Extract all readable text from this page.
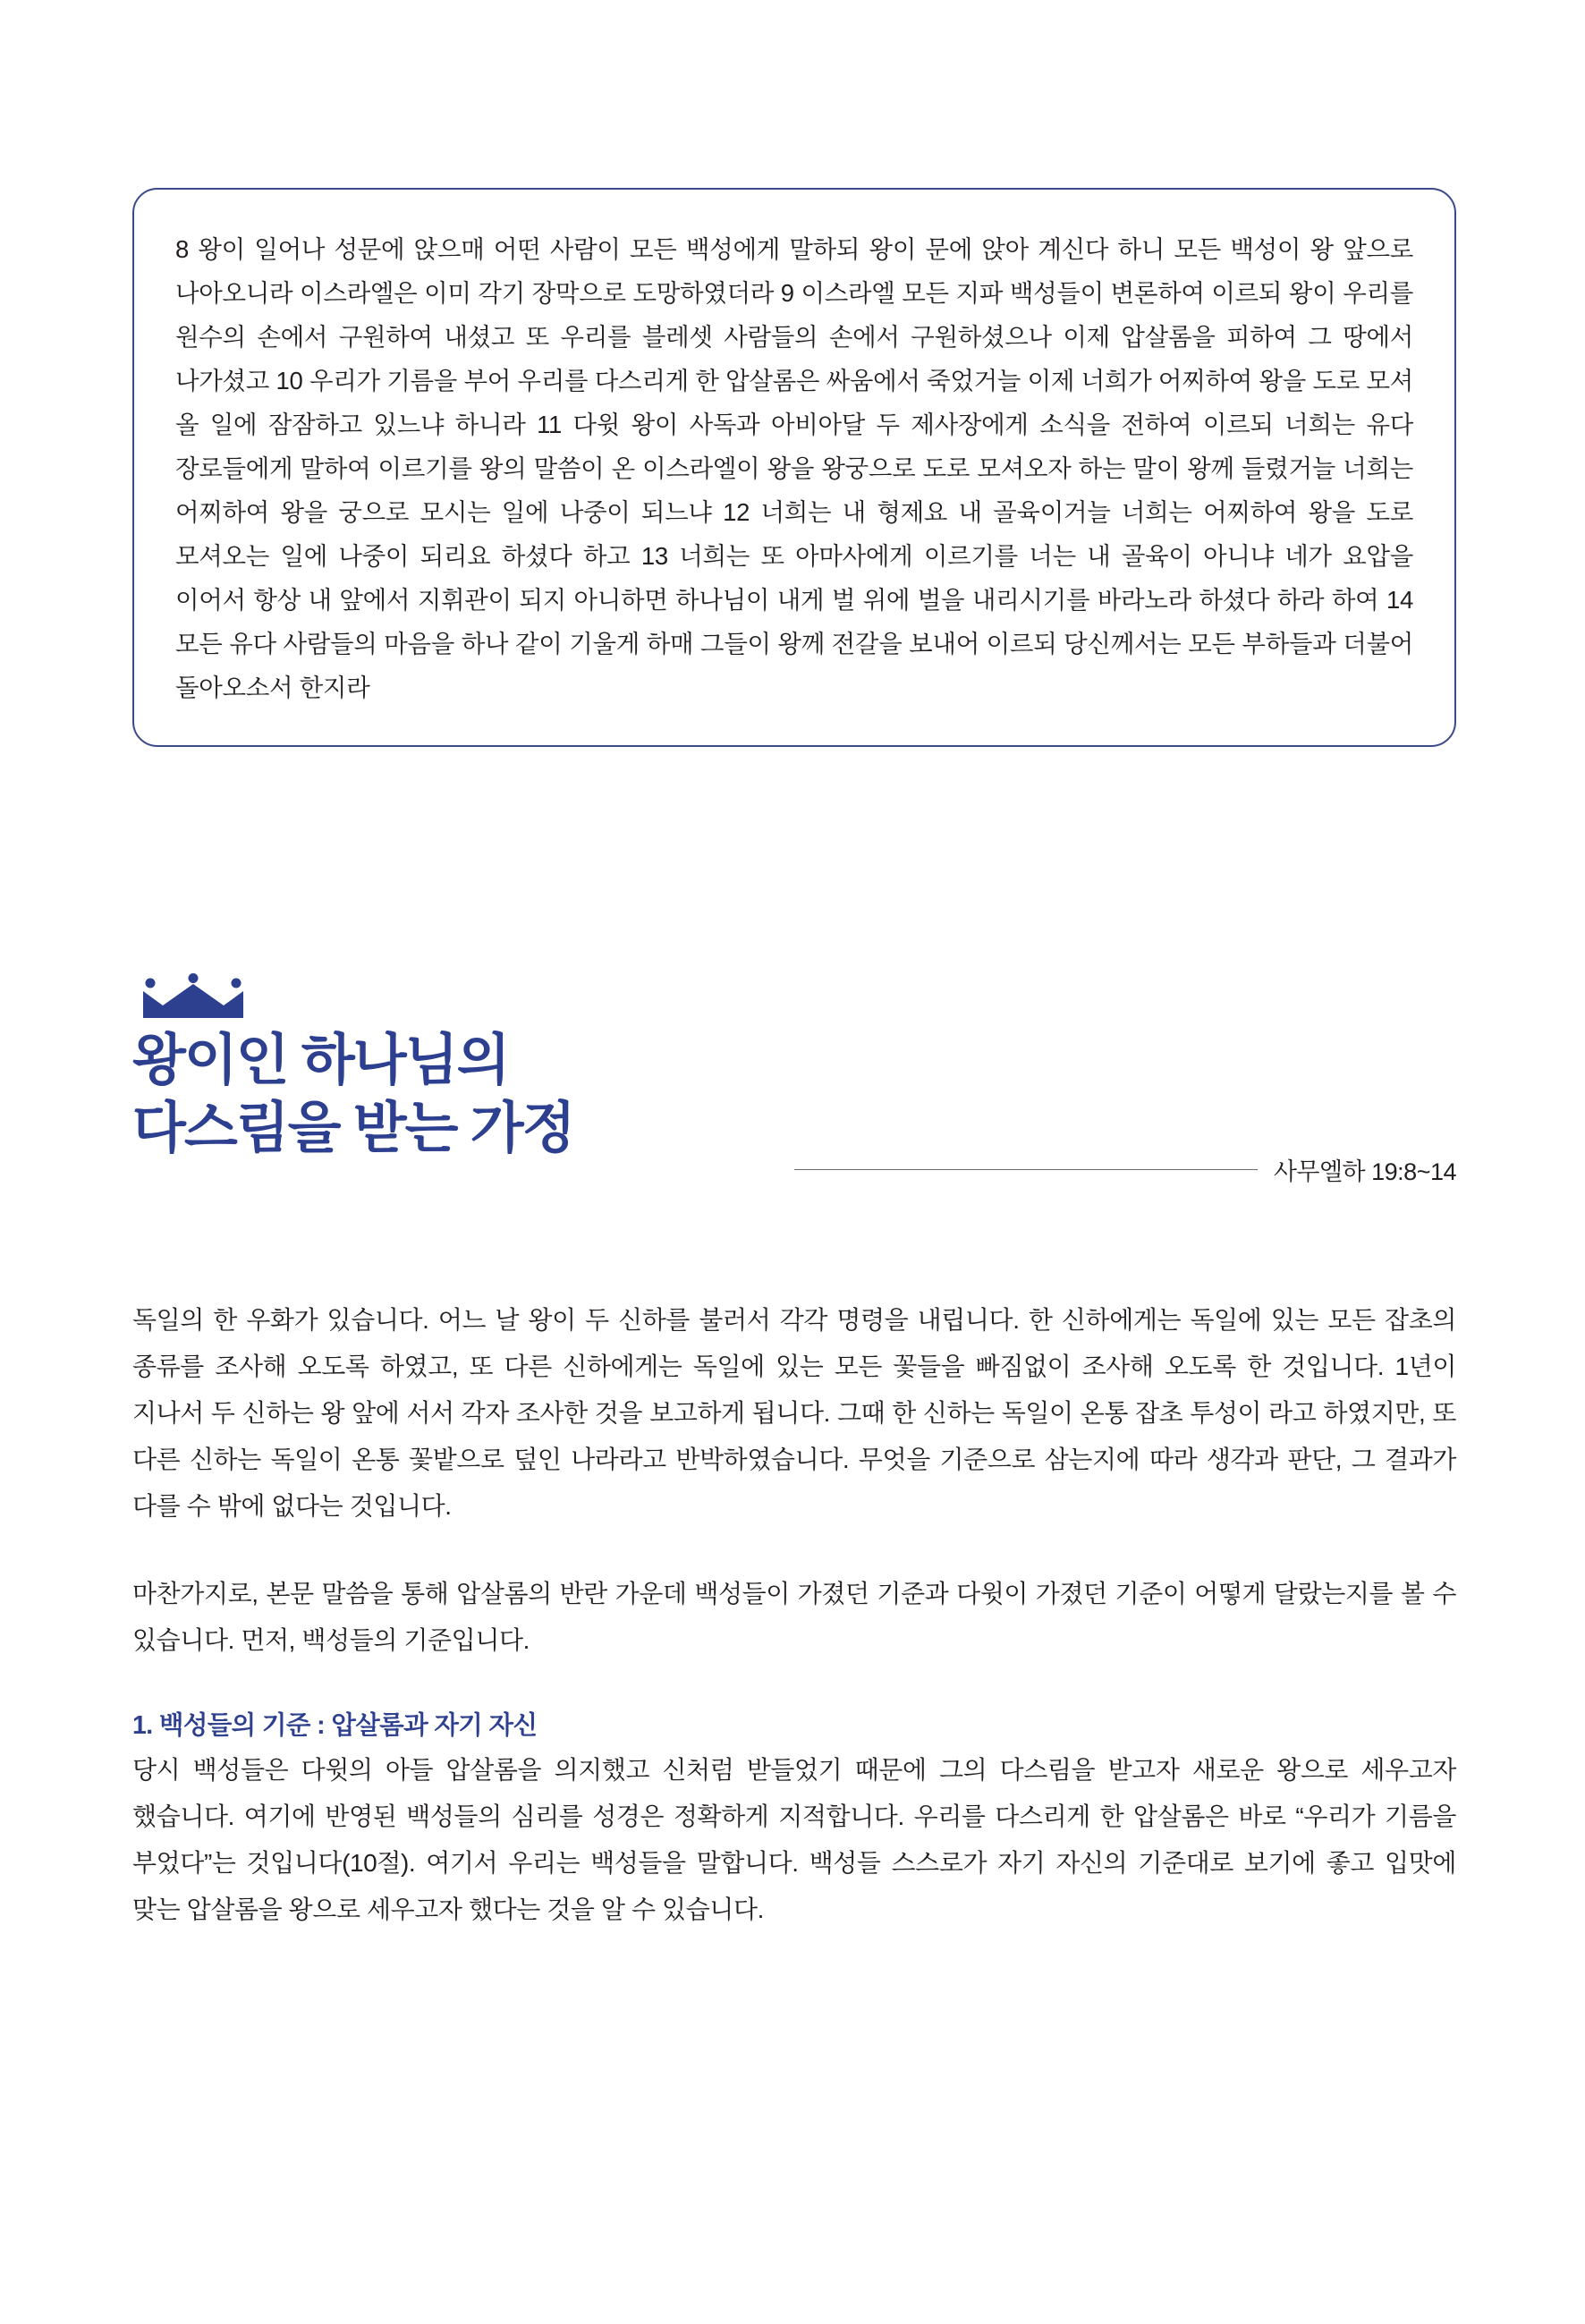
8 왕이 일어나 성문에 앉으매 어떤 사람이 모든 백성에게 말하되 왕이 문에 앉아 계신다 하니 모든 백성이 왕 앞으로 나아오니라 이스라엘은 이미 각기 장막으로 도망하였더라 9 이스라엘 모든 지파 백성들이 변론하여 이르되 왕이 우리를 원수의 손에서 구원하여 내셨고 또 우리를 블레셋 사람들의 손에서 구원하셨으나 이제 압살롬을 피하여 그 땅에서 나가셨고 10 우리가 기름을 부어 우리를 다스리게 한 압살롬은 싸움에서 죽었거늘 이제 너희가 어찌하여 왕을 도로 모셔 올 일에 잠잠하고 있느냐 하니라 11 다윗 왕이 사독과 아비아달 두 제사장에게 소식을 전하여 이르되 너희는 유다 장로들에게 말하여 이르기를 왕의 말씀이 온 이스라엘이 왕을 왕궁으로 도로 모셔오자 하는 말이 왕께 들렸거늘 너희는 어찌하여 왕을 궁으로 모시는 일에 나중이 되느냐 12 너희는 내 형제요 내 골육이거늘 너희는 어찌하여 왕을 도로 모셔오는 일에 나중이 되리요 하셨다 하고 13 너희는 또 아마사에게 이르기를 너는 내 골육이 아니냐 네가 요압을 이어서 항상 내 앞에서 지휘관이 되지 아니하면 하나님이 내게 벌 위에 벌을 내리시기를 바라노라 하셨다 하라 하여 14 모든 유다 사람들의 마음을 하나 같이 기울게 하매 그들이 왕께 전갈을 보내어 이르되 당신께서는 모든 부하들과 더불어 돌아오소서 한지라
왕이인 하나님의
다스림을 받는 가정
사무엘하 19:8~14

독일의 한 우화가 있습니다. 어느 날 왕이 두 신하를 불러서 각각 명령을 내립니다. 한 신하에게는 독일에 있는 모든 잡초의 종류를 조사해 오도록 하였고, 또 다른 신하에게는 독일에 있는 모든 꽃들을 빠짐없이 조사해 오도록 한 것입니다. 1년이 지나서 두 신하는 왕 앞에 서서 각자 조사한 것을 보고하게 됩니다. 그때 한 신하는 독일이 온통 잡초 투성이 라고 하였지만, 또 다른 신하는 독일이 온통 꽃밭으로 덮인 나라라고 반박하였습니다. 무엇을 기준으로 삼는지에 따라 생각과 판단, 그 결과가 다를 수 밖에 없다는 것입니다.

마찬가지로, 본문 말씀을 통해 압살롬의 반란 가운데 백성들이 가졌던 기준과 다윗이 가졌던 기준이 어떻게 달랐는지를 볼 수 있습니다. 먼저, 백성들의 기준입니다.

1. 백성들의 기준 : 압살롬과 자기 자신

당시 백성들은 다윗의 아들 압살롬을 의지했고 신처럼 받들었기 때문에 그의 다스림을 받고자 새로운 왕으로 세우고자 했습니다. 여기에 반영된 백성들의 심리를 성경은 정확하게 지적합니다. 우리를 다스리게 한 압살롬은 바로 “우리가 기름을 부었다”는 것입니다(10절). 여기서 우리는 백성들을 말합니다. 백성들 스스로가 자기 자신의 기준대로 보기에 좋고 입맛에 맞는 압살롬을 왕으로 세우고자 했다는 것을 알 수 있습니다.
